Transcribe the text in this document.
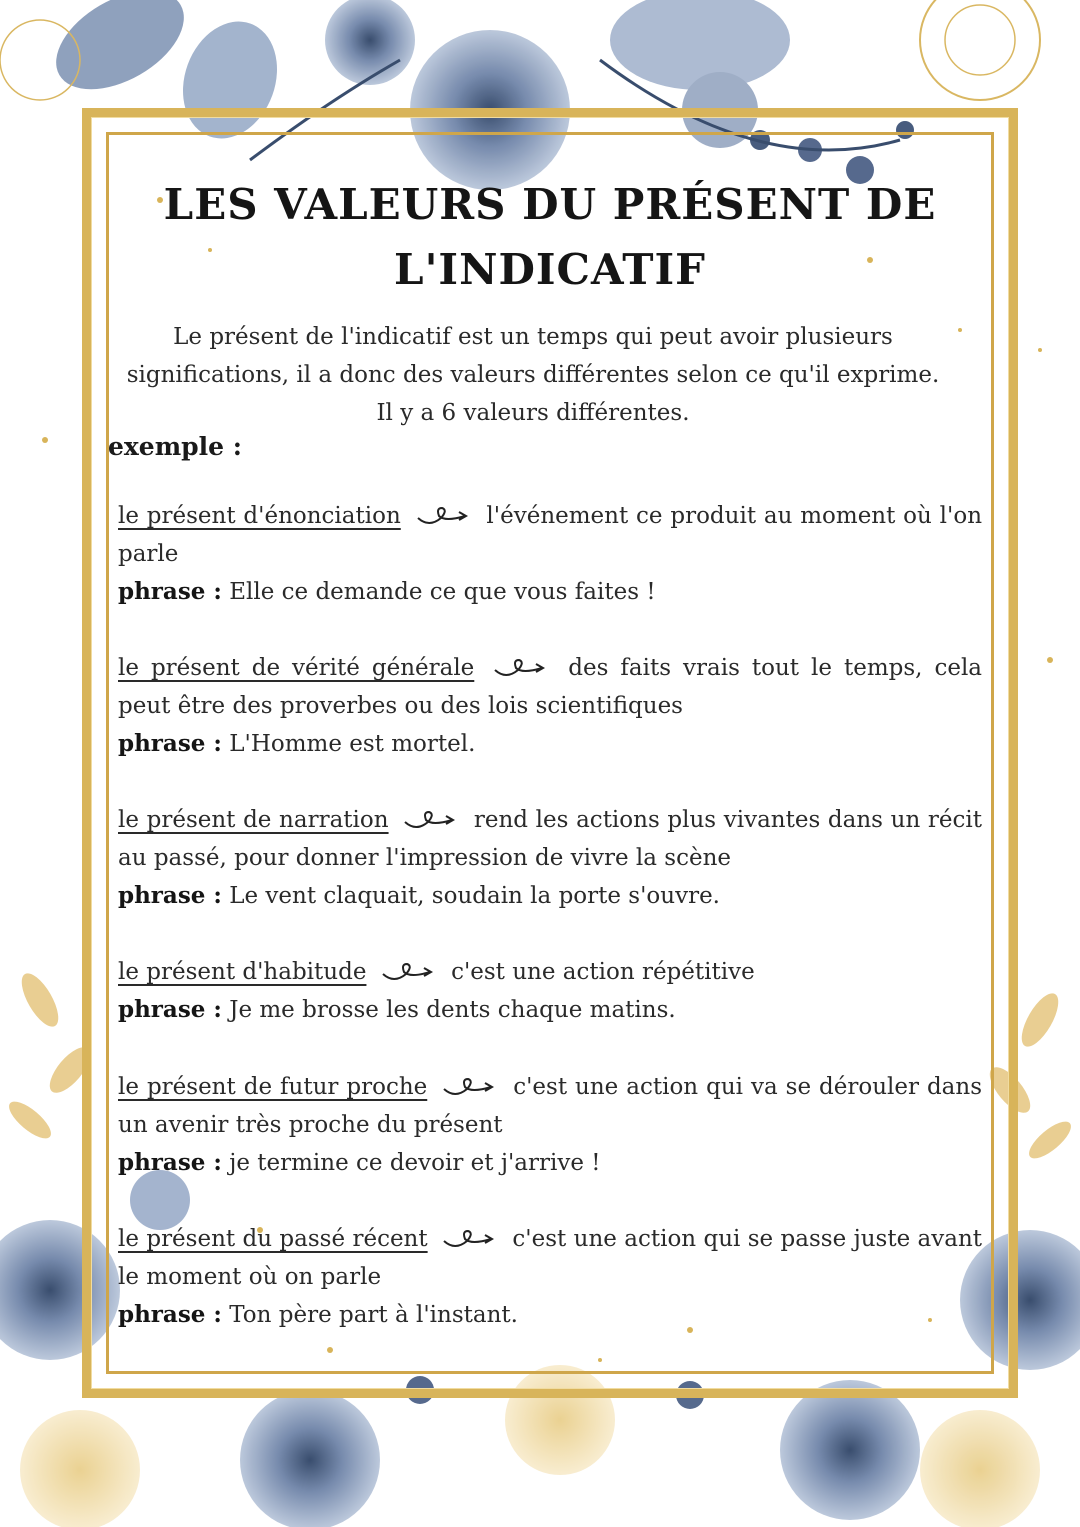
LES VALEURS DU PRÉSENT DE
L'INDICATIF

Le présent de l'indicatif est un temps qui peut avoir plusieurs

significations, il a donc des valeurs différentes selon ce qu'il exprime.

Il y a 6 valeurs différentes.

exemple :

le présent d'énonciation	l'événement ce produit au moment où l'on parle

phrase : Elle ce demande ce que vous faites !

le présent de vérité générale	des faits vrais tout le temps, cela peut être des proverbes ou des lois scientifiques

phrase : L'Homme est mortel.

le présent de narration	rend les actions plus vivantes dans un récit au passé, pour donner l'impression de vivre la scène

phrase : Le vent claquait, soudain la porte s'ouvre.

le présent d'habitude	c'est une action répétitive

phrase : Je me brosse les dents chaque matins.

le présent de futur proche	c'est une action qui va se dérouler dans un avenir très proche du présent

phrase : je termine ce devoir et j'arrive !

le présent du passé récent	c'est une action qui se passe juste avant le moment où on parle

phrase : Ton père part à l'instant.
